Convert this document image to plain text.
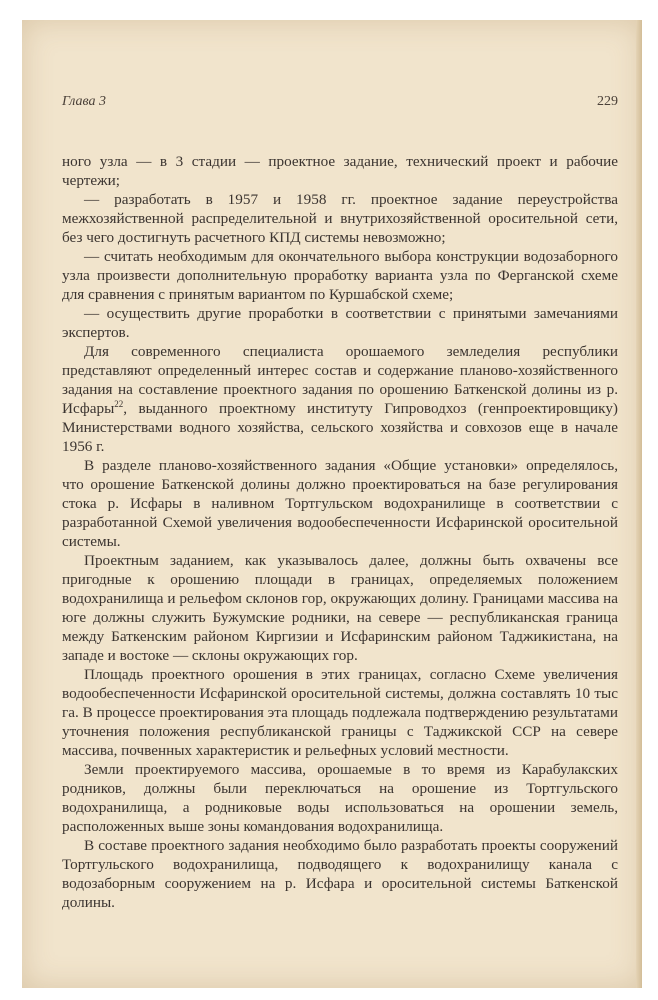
Глава 3	229

ного узла — в 3 стадии — проектное задание, технический проект и рабочие чертежи;

— разработать в 1957 и 1958 гг. проектное задание переустройства межхозяйственной распределительной и внутрихозяйственной оросительной сети, без чего достигнуть расчетного КПД системы невозможно;

— считать необходимым для окончательного выбора конструкции водозаборного узла произвести дополнительную проработку варианта узла по Ферганской схеме для сравнения с принятым вариантом по Куршабской схеме;

— осуществить другие проработки в соответствии с принятыми замечаниями экспертов.

Для современного специалиста орошаемого земледелия республики представляют определенный интерес состав и содержание планово-хозяйственного задания на составление проектного задания по орошению Баткенской долины из р. Исфары$^{22}$, выданного проектному институту Гипроводхоз (генпроектировщику) Министерствами водного хозяйства, сельского хозяйства и совхозов еще в начале 1956 г.

В разделе планово-хозяйственного задания «Общие установки» определялось, что орошение Баткенской долины должно проектироваться на базе регулирования стока р. Исфары в наливном Тортгульском водохранилище в соответствии с разработанной Схемой увеличения водообеспеченности Исфаринской оросительной системы.

Проектным заданием, как указывалось далее, должны быть охвачены все пригодные к орошению площади в границах, определяемых положением водохранилища и рельефом склонов гор, окружающих долину. Границами массива на юге должны служить Бужумские родники, на севере — республиканская граница между Баткенским районом Киргизии и Исфаринским районом Таджикистана, на западе и востоке — склоны окружающих гор.

Площадь проектного орошения в этих границах, согласно Схеме увеличения водообеспеченности Исфаринской оросительной системы, должна составлять 10 тыс га. В процессе проектирования эта площадь подлежала подтверждению результатами уточнения положения республиканской границы с Таджикской ССР на севере массива, почвенных характеристик и рельефных условий местности.

Земли проектируемого массива, орошаемые в то время из Карабулакских родников, должны были переключаться на орошение из Тортгульского водохранилища, а родниковые воды использоваться на орошении земель, расположенных выше зоны командования водохранилища.

В составе проектного задания необходимо было разработать проекты сооружений Тортгульского водохранилища, подводящего к водохранилищу канала с водозаборным сооружением на р. Исфара и оросительной системы Баткенской долины.
